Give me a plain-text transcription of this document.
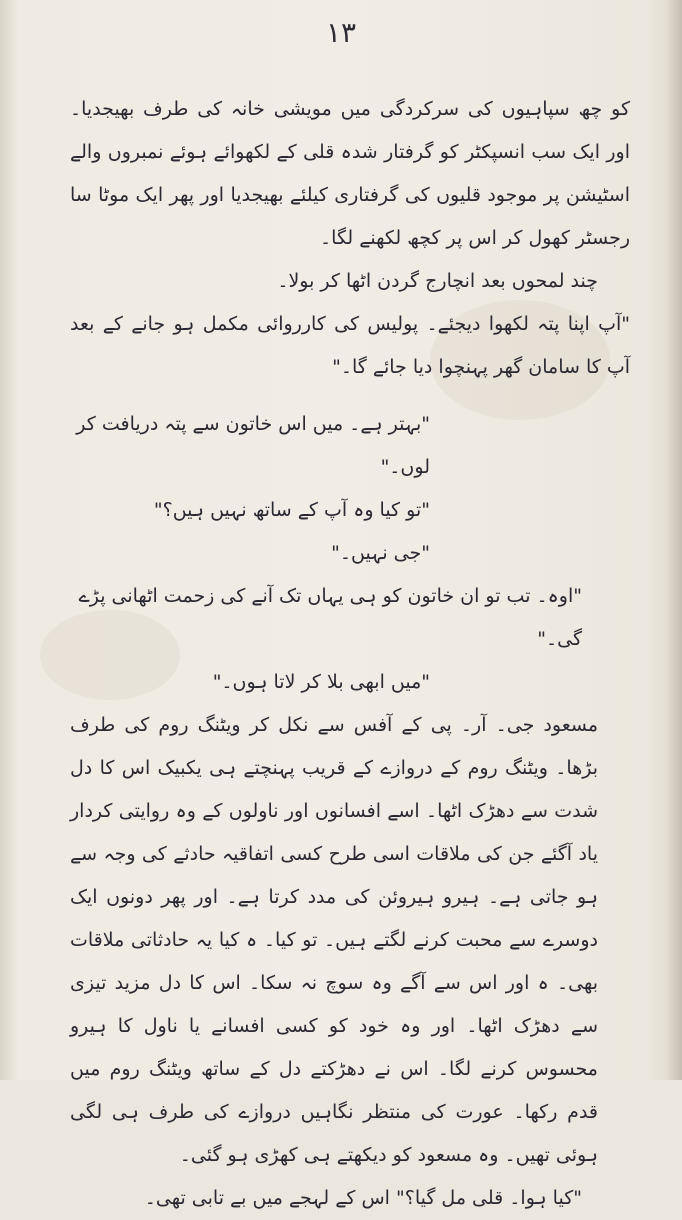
١٣

کو چھ سپاہیوں کی سرکردگی میں مویشی خانہ کی طرف بھیجدیا۔ اور ایک سب انسپکٹر کو گرفتار شدہ قلی کے لکھوائے ہوئے نمبروں والے اسٹیشن پر موجود قلیوں کی گرفتاری کیلئے بھیجدیا اور پھر ایک موٹا سا رجسٹر کھول کر اس پر کچھ لکھنے لگا۔

چند لمحوں بعد انچارج گردن اٹھا کر بولا۔

"آپ اپنا پتہ لکھوا دیجئے۔ پولیس کی کارروائی مکمل ہو جانے کے بعد آپ کا سامان گھر پہنچوا دیا جائے گا۔"

"بہتر ہے۔ میں اس خاتون سے پتہ دریافت کر لوں۔"

"تو کیا وہ آپ کے ساتھ نہیں ہیں؟"

"جی نہیں۔"

"اوہ۔ تب تو ان خاتون کو ہی یہاں تک آنے کی زحمت اٹھانی پڑے گی۔"

"میں ابھی بلا کر لاتا ہوں۔"

مسعود جی۔ آر۔ پی کے آفس سے نکل کر ویٹنگ روم کی طرف بڑھا۔ ویٹنگ روم کے دروازے کے قریب پہنچتے ہی یکبیک اس کا دل شدت سے دھڑک اٹھا۔ اسے افسانوں اور ناولوں کے وہ روایتی کردار یاد آگئے جن کی ملاقات اسی طرح کسی اتفاقیہ حادثے کی وجہ سے ہو جاتی ہے۔ ہیرو ہیروئن کی مدد کرتا ہے۔ اور پھر دونوں ایک دوسرے سے محبت کرنے لگتے ہیں۔ تو کیا۔ ہ کیا یہ حادثاتی ملاقات بھی۔ ہ اور اس سے آگے وہ سوچ نہ سکا۔ اس کا دل مزید تیزی سے دھڑک اٹھا۔ اور وہ خود کو کسی افسانے یا ناول کا ہیرو محسوس کرنے لگا۔ اس نے دھڑکتے دل کے ساتھ ویٹنگ روم میں قدم رکھا۔ عورت کی منتظر نگاہیں دروازے کی طرف ہی لگی ہوئی تھیں۔ وہ مسعود کو دیکھتے ہی کھڑی ہو گئی۔

"کیا ہوا۔ قلی مل گیا؟" اس کے لہجے میں بے تابی تھی۔
